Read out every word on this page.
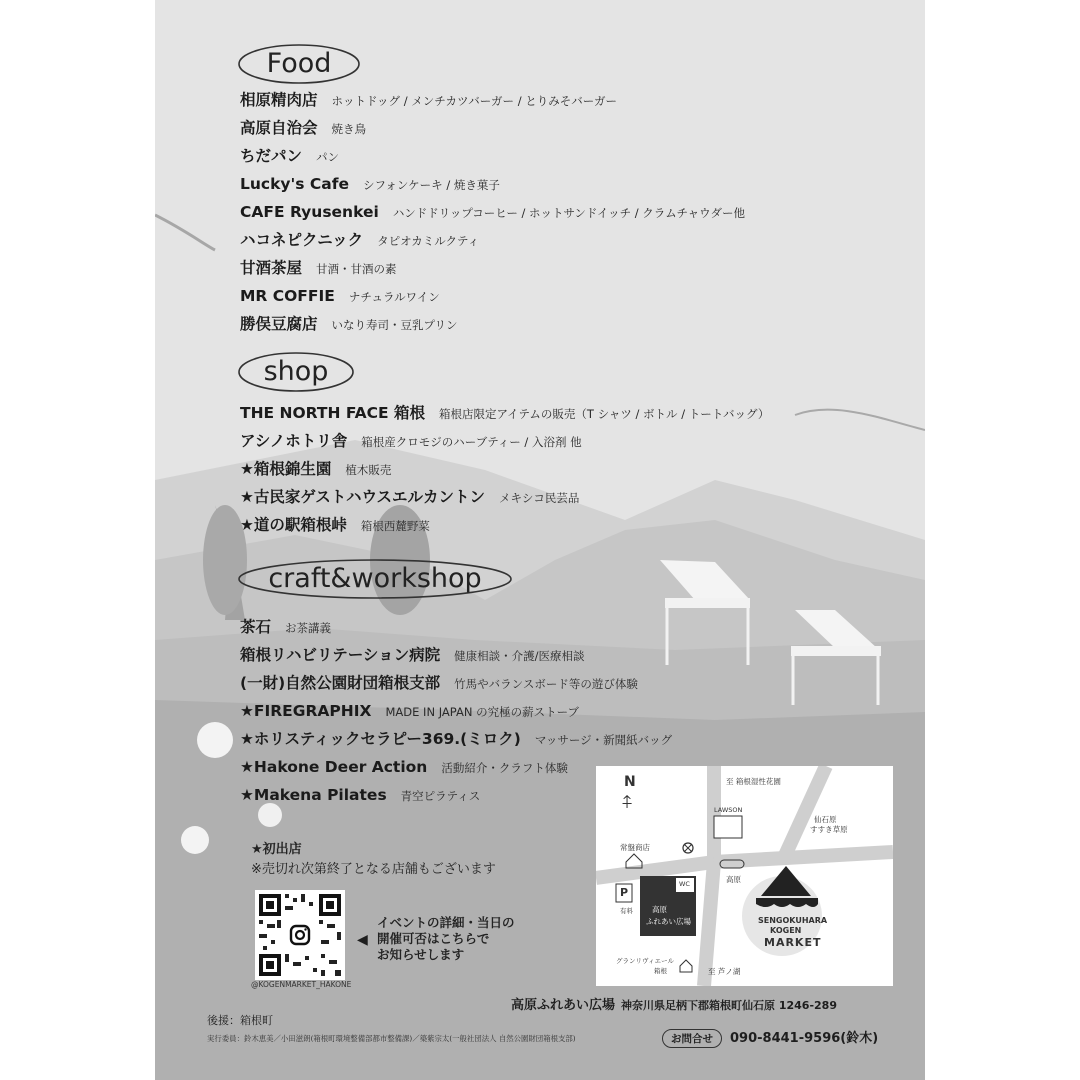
Food
相原精肉店 ホットドッグ / メンチカツバーガー / とりみそバーガー
高原自治会 焼き鳥
ちだパン パン
Lucky's Cafe シフォンケーキ / 焼き菓子
CAFE Ryusenkei ハンドドリップコーヒー / ホットサンドイッチ / クラムチャウダー他
ハコネピクニック タピオカミルクティ
甘酒茶屋 甘酒・甘酒の素
MR COFFIE ナチュラルワイン
勝俣豆腐店 いなり寿司・豆乳プリン
shop
THE NORTH FACE 箱根 箱根店限定アイテムの販売（T シャツ / ボトル / トートバッグ）
アシノホトリ舎 箱根産クロモジのハーブティー / 入浴剤 他
★箱根錦生園 植木販売
★古民家ゲストハウスエルカントン メキシコ民芸品
★道の駅箱根峠 箱根西麓野菜
craft&workshop
茶石 お茶講義
箱根リハビリテーション病院 健康相談・介護/医療相談
(一財)自然公園財団箱根支部 竹馬やバランスボード等の遊び体験
★FIREGRAPHIX MADE IN JAPAN の究極の薪ストーブ
★ホリスティックセラピー369.(ミロク) マッサージ・新聞紙バッグ
★Hakone Deer Action 活動紹介・クラフト体験
★Makena Pilates 青空ピラティス
★初出店
※売切れ次第終了となる店舗もございます
@KOGENMARKET_HAKONE
◀
イベントの詳細・当日の
開催可否はこちらで
お知らせします
N
⍏
至 箱根湿性花園
LAWSON
仙石原
すすき草原
常盤商店
P
有料
WC
高原
ふれあい広場
高原
グランリヴィエール
箱根	至 芦ノ湖
SENGOKUHARA
KOGEN
MARKET
高原ふれあい広場 神奈川県足柄下郡箱根町仙石原 1246-289
後援：箱根町
実行委員：鈴木恵美／小田滋朗(箱根町環境整備部都市整備課)／築紫宗太(一般社団法人 自然公園財団箱根支部)	お問合せ 090-8441-9596(鈴木)
